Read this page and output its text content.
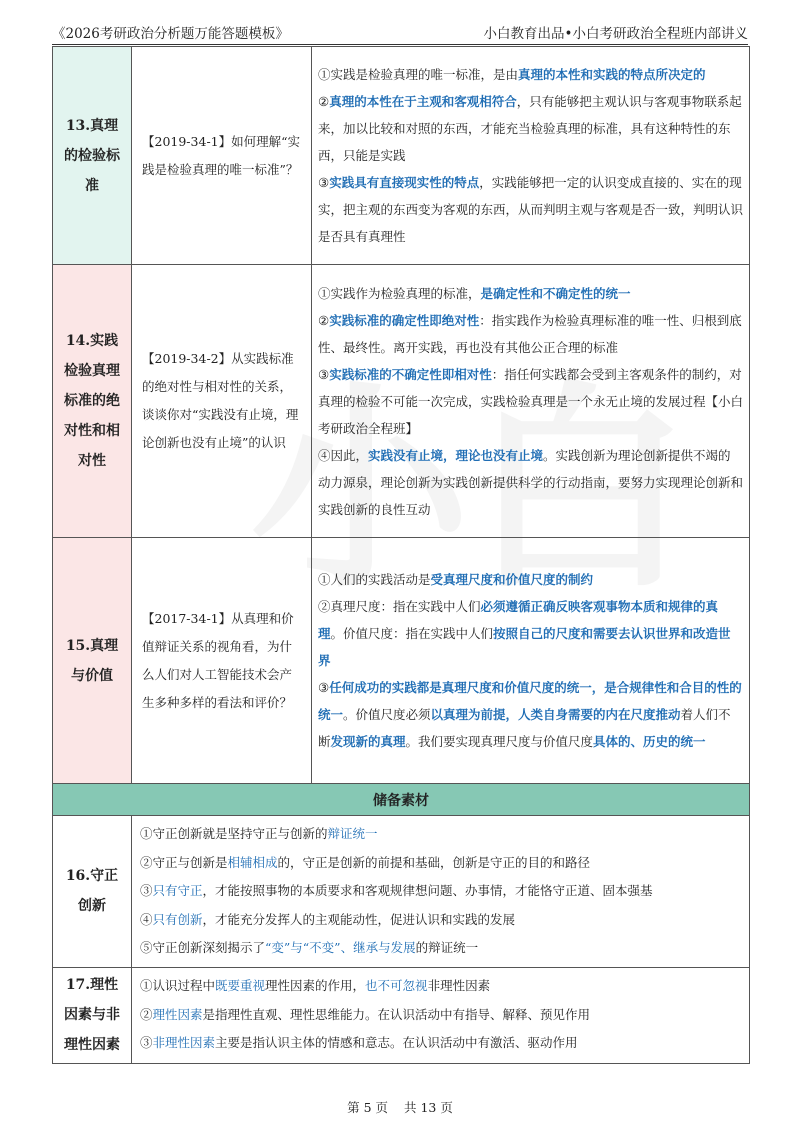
《2026考研政治分析题万能答题模板》	小白教育出品•小白考研政治全程班内部讲义
13.真理的检验标准	【2019-34-1】如何理解“实践是检验真理的唯一标准”？	①实践是检验真理的唯一标准，是由真理的本性和实践的特点所决定的
②真理的本性在于主观和客观相符合，只有能够把主观认识与客观事物联系起来，加以比较和对照的东西，才能充当检验真理的标准，具有这种特性的东西，只能是实践
③实践具有直接现实性的特点，实践能够把一定的认识变成直接的、实在的现实，把主观的东西变为客观的东西，从而判明主观与客观是否一致，判明认识是否具有真理性

14.实践检验真理标准的绝对性和相对性	【2019-34-2】从实践标准的绝对性与相对性的关系，谈谈你对“实践没有止境，理论创新也没有止境”的认识	①实践作为检验真理的标准，是确定性和不确定性的统一
②实践标准的确定性即绝对性：指实践作为检验真理标准的唯一性、归根到底性、最终性。离开实践，再也没有其他公正合理的标准
③实践标准的不确定性即相对性：指任何实践都会受到主客观条件的制约，对真理的检验不可能一次完成，实践检验真理是一个永无止境的发展过程【小白考研政治全程班】
④因此，实践没有止境，理论也没有止境。实践创新为理论创新提供不竭的动力源泉，理论创新为实践创新提供科学的行动指南，要努力实现理论创新和实践创新的良性互动

15.真理与价值	【2017-34-1】从真理和价值辩证关系的视角看，为什么人们对人工智能技术会产生多种多样的看法和评价？	①人们的实践活动是受真理尺度和价值尺度的制约
②真理尺度：指在实践中人们必须遵循正确反映客观事物本质和规律的真理。价值尺度：指在实践中人们按照自己的尺度和需要去认识世界和改造世界
③任何成功的实践都是真理尺度和价值尺度的统一，是合规律性和合目的性的统一。价值尺度必须以真理为前提，人类自身需要的内在尺度推动着人们不断发现新的真理。我们要实现真理尺度与价值尺度具体的、历史的统一

储备素材		
16.守正创新	①守正创新就是坚持守正与创新的辩证统一
②守正与创新是相辅相成的，守正是创新的前提和基础，创新是守正的目的和路径
③只有守正，才能按照事物的本质要求和客观规律想问题、办事情，才能恪守正道、固本强基
④只有创新，才能充分发挥人的主观能动性，促进认识和实践的发展
⑤守正创新深刻揭示了“变”与“不变”、继承与发展的辩证统一	

17.理性因素与非理性因素	①认识过程中既要重视理性因素的作用，也不可忽视非理性因素
②理性因素是指理性直观、理性思维能力。在认识活动中有指导、解释、预见作用
③非理性因素主要是指认识主体的情感和意志。在认识活动中有激活、驱动作用	
第 5 页 共 13 页
